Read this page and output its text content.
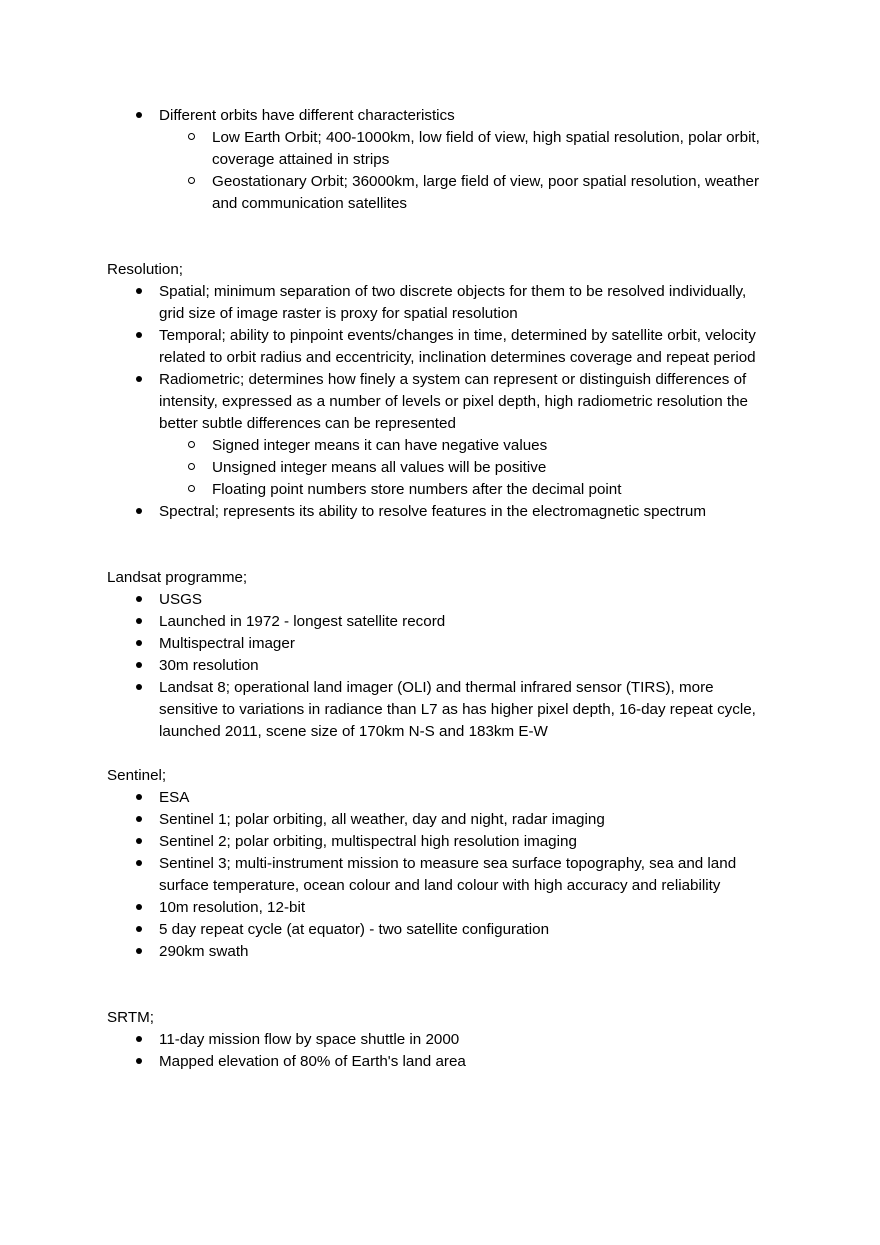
Different orbits have different characteristics
Low Earth Orbit; 400-1000km, low field of view, high spatial resolution, polar orbit, coverage attained in strips
Geostationary Orbit; 36000km, large field of view, poor spatial resolution, weather and communication satellites

Resolution;

Spatial; minimum separation of two discrete objects for them to be resolved individually, grid size of image raster is proxy for spatial resolution
Temporal; ability to pinpoint events/changes in time, determined by satellite orbit, velocity related to orbit radius and eccentricity, inclination determines coverage and repeat period
Radiometric; determines how finely a system can represent or distinguish differences of intensity, expressed as a number of levels or pixel depth, high radiometric resolution the better subtle differences can be represented
Signed integer means it can have negative values
Unsigned integer means all values will be positive
Floating point numbers store numbers after the decimal point
Spectral; represents its ability to resolve features in the electromagnetic spectrum

Landsat programme;

USGS
Launched in 1972 - longest satellite record
Multispectral imager
30m resolution
Landsat 8; operational land imager (OLI) and thermal infrared sensor (TIRS), more sensitive to variations in radiance than L7 as has higher pixel depth, 16-day repeat cycle, launched 2011, scene size of 170km N-S and 183km E-W

Sentinel;

ESA
Sentinel 1; polar orbiting, all weather, day and night, radar imaging
Sentinel 2; polar orbiting, multispectral high resolution imaging
Sentinel 3; multi-instrument mission to measure sea surface topography, sea and land surface temperature, ocean colour and land colour with high accuracy and reliability
10m resolution, 12-bit
5 day repeat cycle (at equator) - two satellite configuration
290km swath

SRTM;

11-day mission flow by space shuttle in 2000
Mapped elevation of 80% of Earth's land area
